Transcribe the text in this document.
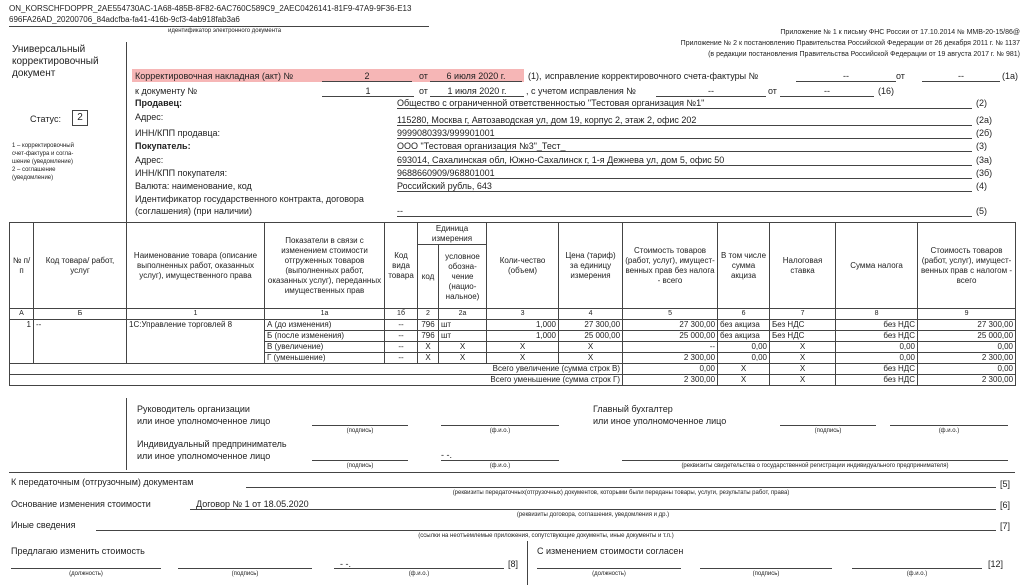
ON_KORSCHFDOPPR_2AE554730AC-1A68-485B-8F82-6AC760C589C9_2AEC0426141-81F9-47A9-9F36-E13
696FA26AD_20200706_84adcfba-fa41-416b-9cf3-4ab918fab3a6
идентификатор электронного документа	Приложение № 1 к письму ФНС России от 17.10.2014 № ММВ-20-15/86@
Приложение № 2 к постановлению Правительства Российской Федерации от 26 декабря 2011 г. № 1137
(в редакции постановления Правительства Российской Федерации от 19 августа 2017 г. № 981)
Универсальный
корректировочный
документ
Статус:	2
1 – корректировочный
счет-фактура и согла-
шение (уведомление)
2 – соглашение
(уведомление)
Корректировочная накладная (акт) №	2	от	6 июля 2020 г.	(1), исправление корректировочного счета-фактуры №	--	от	--	(1а)
к документу №	1	от	1 июля 2020 г.	, с учетом исправления №	--	от	--	(16)
Продавец:	Общество с ограниченной ответственностью "Тестовая организация №1"	(2)
Адрес:	115280, Москва г, Автозаводская ул, дом 19, корпус 2, этаж 2, офис 202	(2а)
ИНН/КПП продавца:	9999080393/999901001	(2б)
Покупатель:	ООО "Тестовая организация №3"_Тест_	(3)
Адрес:	693014, Сахалинская обл, Южно-Сахалинск г, 1-я Дежнева ул, дом 5, офис 50	(3а)
ИНН/КПП покупателя:	9688660909/968801001	(3б)
Валюта: наименование, код	Российский рубль, 643	(4)
Идентификатор государственного контракта, договора
(соглашения) (при наличии)	--	(5)
№ п/п	Код товара/ работ, услуг	Наименование товара (описание выполненных работ, оказанных услуг), имущественного права	Показатели в связи с изменением стоимости отгруженных товаров (выполненных работ, оказанных услуг), переданных имущественных прав	Код вида товара	Единица измерения		Коли-чество (объем)	Цена (тариф) за единицу измерения	Стоимость товаров (работ, услуг), имущест-венных прав без налога - всего	В том числе сумма акциза	Налоговая ставка	Сумма налога	Стоимость товаров (работ, услуг), имущест-венных прав с налогом - всего
					код	условное обозна-чение (нацио-нальное)							
А	Б	1	1а	1б	2	2а	3	4	5	6	7	8	9
1	--	1С:Управление торговлей 8	А (до изменения)	--	796	шт	1,000	27 300,00	27 300,00	без акциза	Без НДС	без НДС	27 300,00
			Б (после изменения)	--	796	шт	1,000	25 000,00	25 000,00	без акциза	Без НДС	без НДС	25 000,00
			В (увеличение)	--	X	X	X	X	--	0,00	X	0,00	0,00
			Г (уменьшение)	--	X	X	X	X	2 300,00	0,00	X	0,00	2 300,00
Всего увеличение (сумма строк В)									0,00	X	X	без НДС	0,00
Всего уменьшение (сумма строк Г)									2 300,00	X	X	без НДС	2 300,00
Руководитель организации
или иное уполномоченное лицо
(подпись)	(ф.и.о.)
Главный бухгалтер
или иное уполномоченное лицо
(подпись)	(ф.и.о.)
Индивидуальный предприниматель
или иное уполномоченное лицо	- -.
(подпись)	(ф.и.о.)	(реквизиты свидетельства о государственной регистрации индивидуального предпринимателя)
К передаточным (отгрузочным) документам	[5]
(реквизиты передаточных(отгрузочных) документов, которыми были переданы товары, услуги, результаты работ, права)
Основание изменения стоимости	Договор № 1 от 18.05.2020	[6]
(реквизиты договора, соглашения, уведомления и др.)
Иные сведения	[7]
(ссылки на неотъемлемые приложения, сопутствующие документы, иные документы и т.п.)
Предлагаю изменить стоимость
- -.	[8]
(должность)	(подпись)	(ф.и.о.)
С изменением стоимости согласен
[12]
(должность)	(подпись)	(ф.и.о.)
